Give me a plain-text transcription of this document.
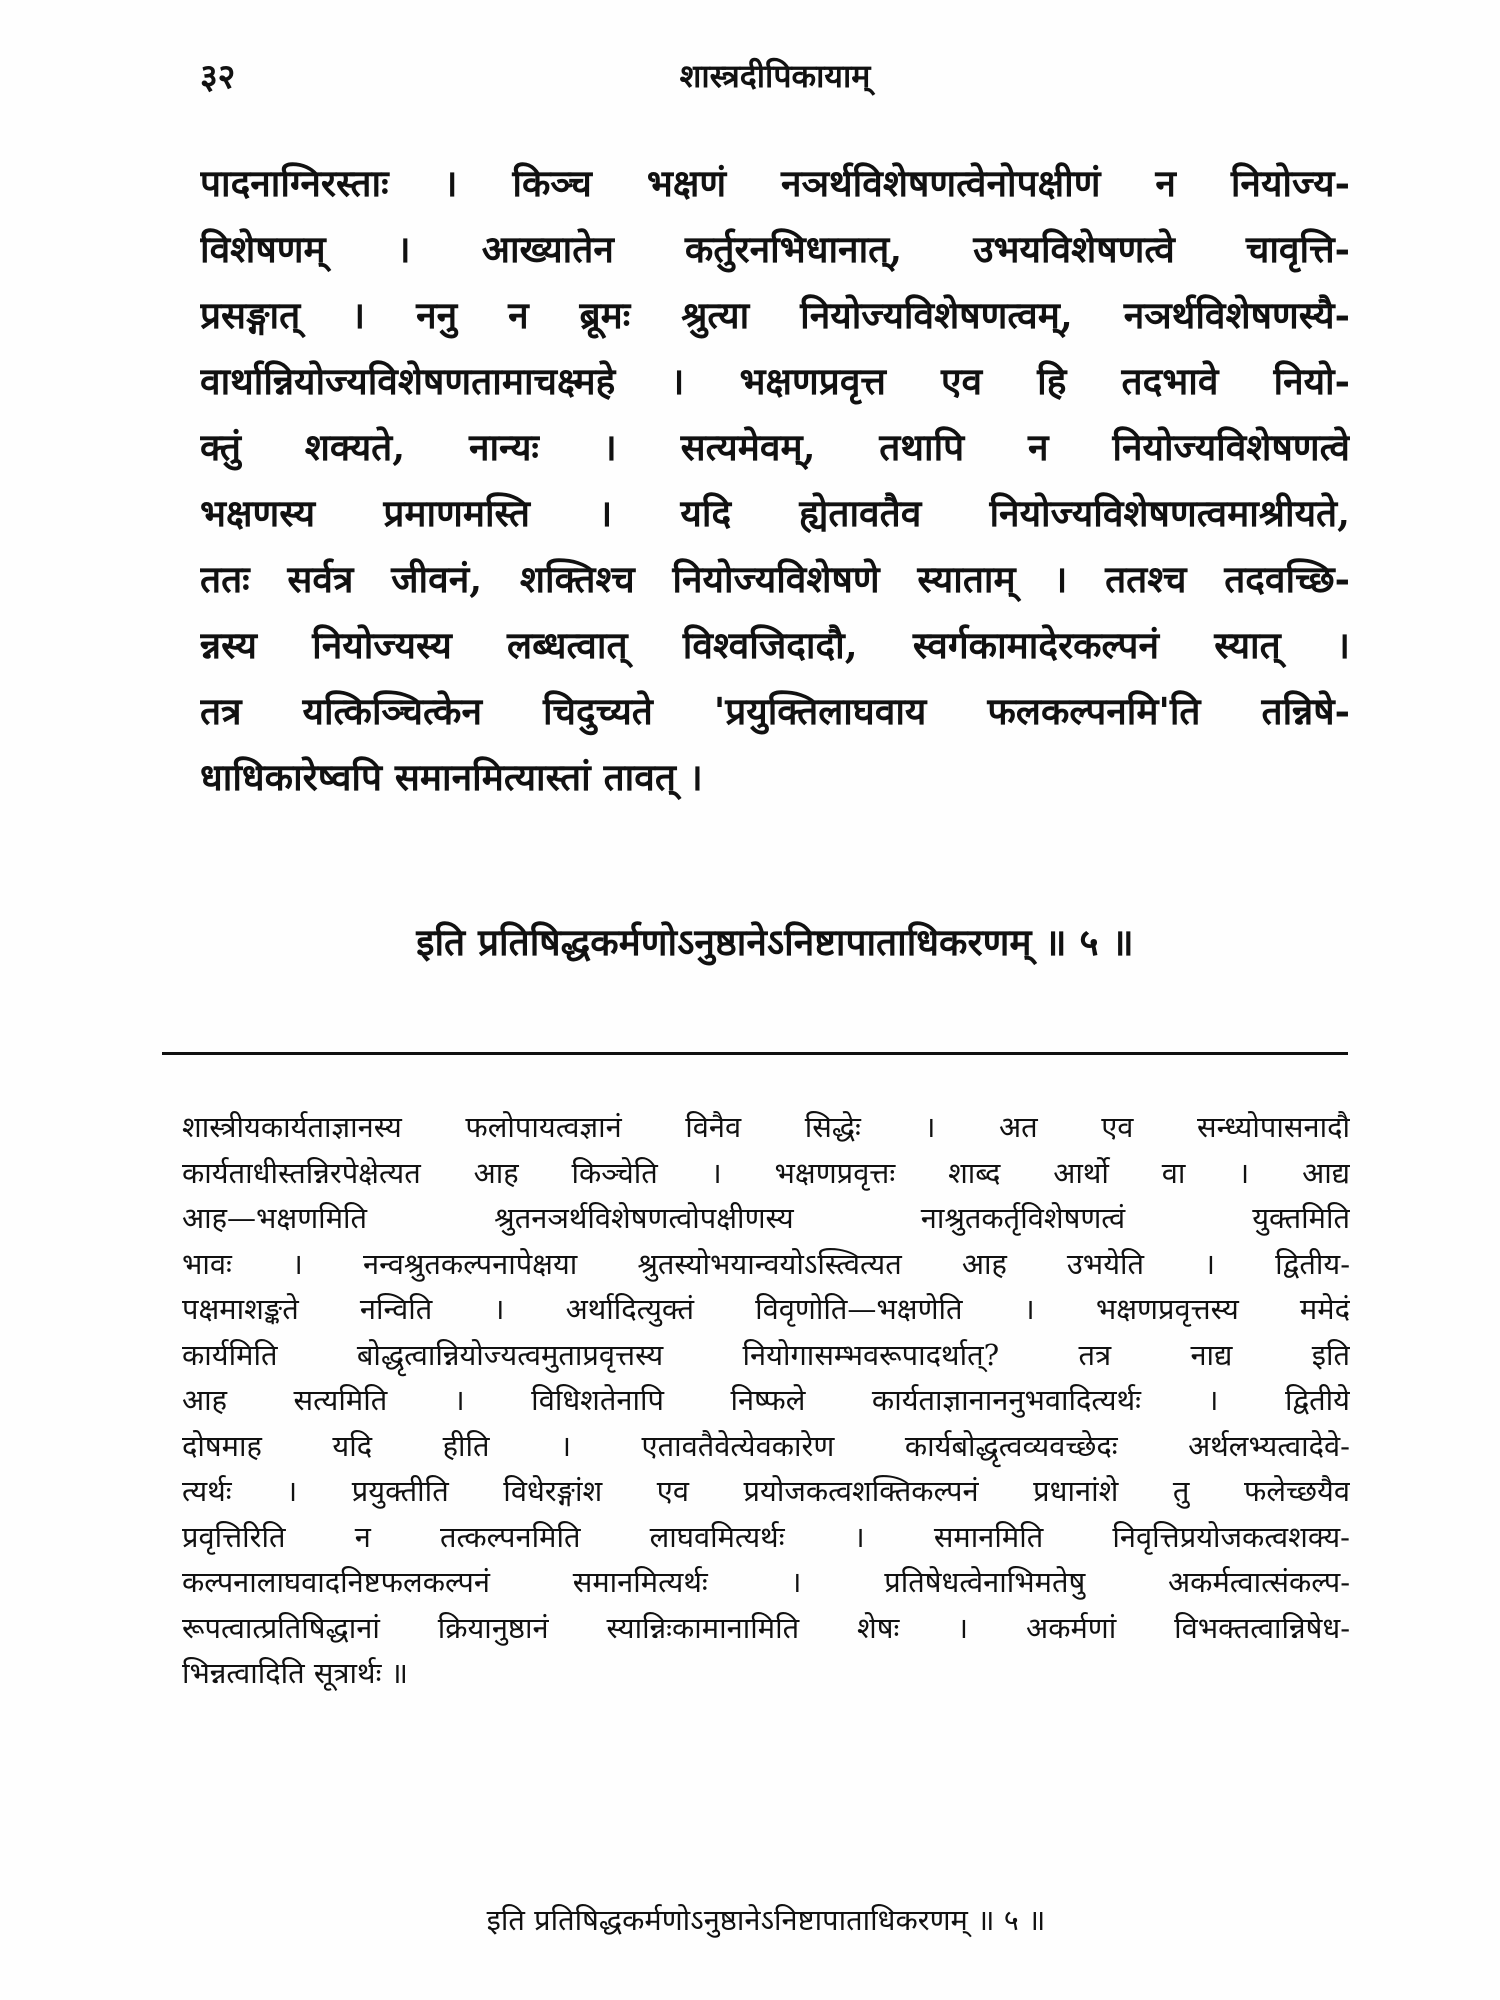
३२	शास्त्रदीपिकायाम्
पादनाग्निरस्ताः । किञ्च भक्षणं नञर्थविशेषणत्वेनोपक्षीणं न नियोज्य-
विशेषणम् । आख्यातेन कर्तुरनभिधानात्, उभयविशेषणत्वे चावृत्ति-
प्रसङ्गात् । ननु न ब्रूमः श्रुत्या नियोज्यविशेषणत्वम्, नञर्थविशेषणस्यै-
वार्थान्नियोज्यविशेषणतामाचक्ष्महे । भक्षणप्रवृत्त एव हि तदभावे नियो-
क्तुं शक्यते, नान्यः । सत्यमेवम्, तथापि न नियोज्यविशेषणत्वे
भक्षणस्य प्रमाणमस्ति । यदि ह्येतावतैव नियोज्यविशेषणत्वमाश्रीयते,
ततः सर्वत्र जीवनं, शक्तिश्च नियोज्यविशेषणे स्याताम् । ततश्च तदवच्छि-
न्नस्य नियोज्यस्य लब्धत्वात् विश्वजिदादौ, स्वर्गकामादेरकल्पनं स्यात् ।
तत्र यत्किञ्चित्केन चिदुच्यते 'प्रयुक्तिलाघवाय फलकल्पनमि'ति तन्निषे-
धाधिकारेष्वपि समानमित्यास्तां तावत् ।
इति प्रतिषिद्धकर्मणोऽनुष्ठानेऽनिष्टापाताधिकरणम् ॥ ५ ॥
शास्त्रीयकार्यताज्ञानस्य फलोपायत्वज्ञानं विनैव सिद्धेः । अत एव सन्ध्योपासनादौ
कार्यताधीस्तन्निरपेक्षेत्यत आह किञ्चेति । भक्षणप्रवृत्तः शाब्द आर्थो वा । आद्य
आह—भक्षणमिति श्रुतनञर्थविशेषणत्वोपक्षीणस्य नाश्रुतकर्तृविशेषणत्वं युक्तमिति
भावः । नन्वश्रुतकल्पनापेक्षया श्रुतस्योभयान्वयोऽस्त्वित्यत आह उभयेति । द्वितीय-
पक्षमाशङ्कते नन्विति । अर्थादित्युक्तं विवृणोति—भक्षणेति । भक्षणप्रवृत्तस्य ममेदं
कार्यमिति बोद्धृत्वान्नियोज्यत्वमुताप्रवृत्तस्य नियोगासम्भवरूपादर्थात्? तत्र नाद्य इति
आह सत्यमिति । विधिशतेनापि निष्फले कार्यताज्ञानाननुभवादित्यर्थः । द्वितीये
दोषमाह यदि हीति । एतावतैवेत्येवकारेण कार्यबोद्धृत्वव्यवच्छेदः अर्थलभ्यत्वादेवे-
त्यर्थः । प्रयुक्तीति विधेरङ्गांश एव प्रयोजकत्वशक्तिकल्पनं प्रधानांशे तु फलेच्छयैव
प्रवृत्तिरिति न तत्कल्पनमिति लाघवमित्यर्थः । समानमिति निवृत्तिप्रयोजकत्वशक्य-
कल्पनालाघवादनिष्टफलकल्पनं समानमित्यर्थः । प्रतिषेधत्वेनाभिमतेषु अकर्मत्वात्संकल्प-
रूपत्वात्प्रतिषिद्धानां क्रियानुष्ठानं स्यान्निःकामानामिति शेषः । अकर्मणां विभक्तत्वान्निषेध-
भिन्नत्वादिति सूत्रार्थः ॥
इति प्रतिषिद्धकर्मणोऽनुष्ठानेऽनिष्टापाताधिकरणम् ॥ ५ ॥
